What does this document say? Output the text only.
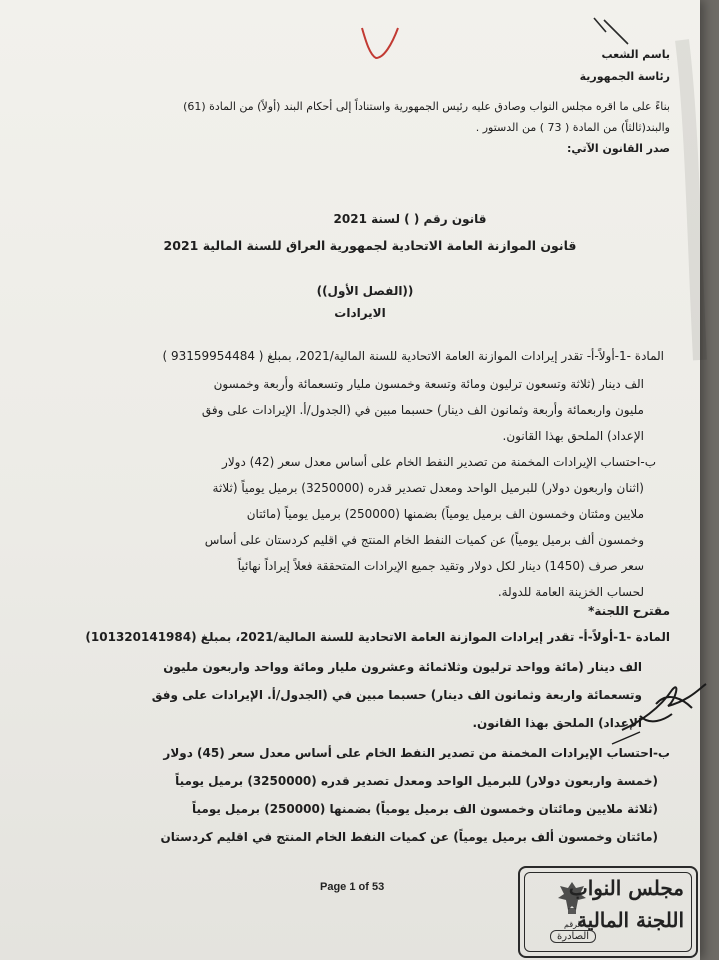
باسم الشعب
رئاسة الجمهورية
بناءً على ما اقره مجلس النواب وصادق عليه رئيس الجمهورية واستناداً إلى أحكام البند (أولاً) من المادة (61)
والبند(ثالثاً) من المادة ( 73 ) من الدستور .
صدر القانون الآتي:
قانون رقم ( ) لسنة 2021
قانون الموازنة العامة الاتحادية لجمهورية العراق للسنة المالية 2021
((الفصل الأول))
الايرادات
المادة -1-أولاً-أ- تقدر إيرادات الموازنة العامة الاتحادية للسنة المالية/2021، بمبلغ ( 93159954484 )
الف دينار (ثلاثة وتسعون ترليون ومائة وتسعة وخمسون مليار وتسعمائة وأربعة وخمسون
مليون واربعمائة وأربعة وثمانون الف دينار) حسبما مبين في (الجدول/أ. الإيرادات على وفق
الإعداد) الملحق بهذا القانون.
ب-احتساب الإيرادات المخمنة من تصدير النفط الخام على أساس معدل سعر (42) دولار
(اثنان واربعون دولار) للبرميل الواحد ومعدل تصدير قدره (3250000) برميل يومياً (ثلاثة
ملايين ومئتان وخمسون الف برميل يومياً) بضمنها (250000) برميل يومياً (مائتان
وخمسون ألف برميل يومياً) عن كميات النفط الخام المنتج في اقليم كردستان على أساس
سعر صرف (1450) دينار لكل دولار وتقيد جميع الإيرادات المتحققة فعلاً إيراداً نهائياً
لحساب الخزينة العامة للدولة.
مقترح اللجنة*
المادة -1-أولاً-أ- تقدر إيرادات الموازنة العامة الاتحادية للسنة المالية/2021، بمبلغ (101320141984)
الف دينار (مائة وواحد ترليون وثلاثمائة وعشرون مليار ومائة وواحد واربعون مليون
وتسعمائة واربعة وثمانون الف دينار) حسبما مبين في (الجدول/أ. الإيرادات على وفق
الإعداد) الملحق بهذا القانون.
ب-احتساب الإيرادات المخمنة من تصدير النفط الخام على أساس معدل سعر (45) دولار
(خمسة واربعون دولار) للبرميل الواحد ومعدل تصدير قدره (3250000) برميل يومياً
(ثلاثة ملايين ومائتان وخمسون الف برميل يومياً) بضمنها (250000) برميل يومياً
(مائتان وخمسون ألف برميل يومياً) عن كميات النفط الخام المنتج في اقليم كردستان
Page 1 of 53	مجلس النواب
اللجنة المالية
الرقم
الصادرة
